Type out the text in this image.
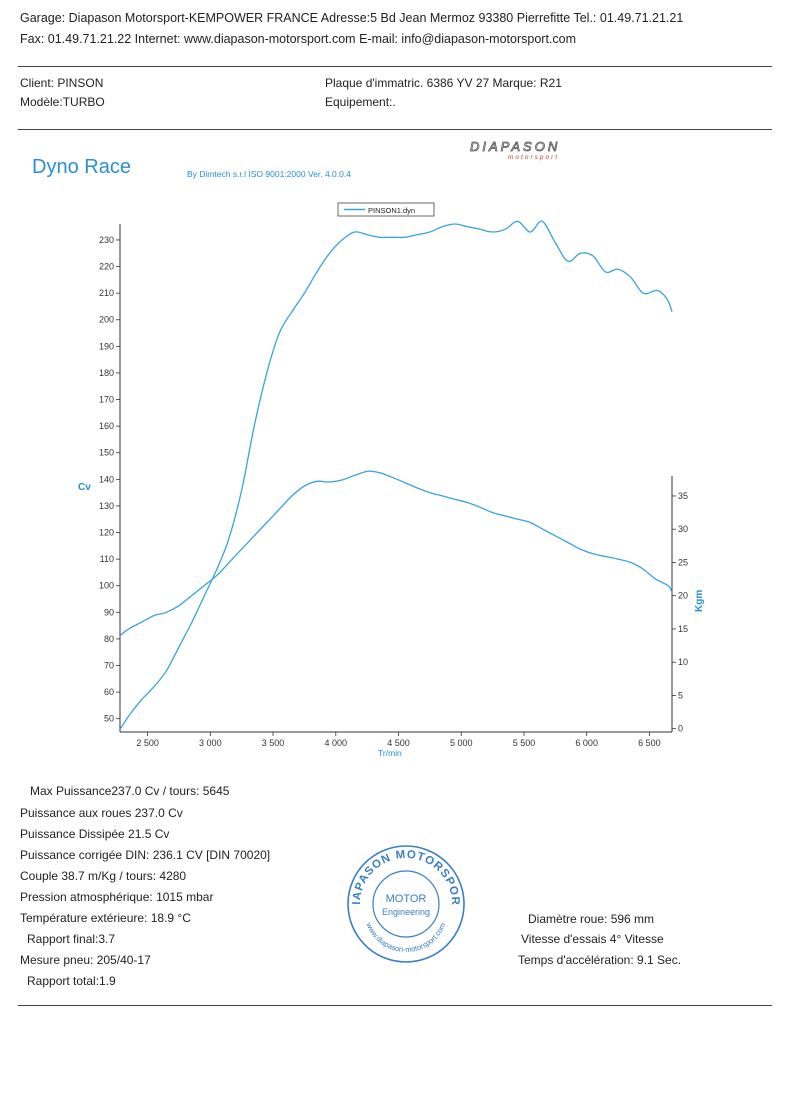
Garage: Diapason Motorsport-KEMPOWER FRANCE Adresse:5 Bd Jean Mermoz 93380 Pierrefitte Tel.: 01.49.71.21.21
Fax: 01.49.71.21.22 Internet: www.diapason-motorsport.com E-mail: info@diapason-motorsport.com
Client: PINSON
Modèle:TURBO
Plaque d'immatric. 6386 YV 27 Marque: R21
Equipement:.
DIAPASON
motorsport
Dyno Race	By Dimtech s.r.l ISO 9001:2000 Ver. 4.0.0.4
PINSON1.dyn
50
60
70
80
90
100
110
120
130
140
150
160
170
180
190
200
210
220
230
0
5
10
15
20
25
30
35
2 500	3 000	3 500	4 000	4 500	5 000	5 500	6 000	6 500
Cv
Kgm
Tr/min
Max Puissance237.0 Cv / tours: 5645
Puissance aux roues 237.0 Cv
Puissance Dissipée 21.5 Cv
Puissance corrigée DIN: 236.1 CV [DIN 70020]
Couple 38.7 m/Kg / tours: 4280
Pression atmosphérique: 1015 mbar
Température extérieure: 18.9 °C
Rapport final:3.7
Mesure pneu: 205/40-17
Rapport total:1.9
Diamètre roue: 596 mm
Vitesse d'essais 4° Vitesse
Temps d'accélération: 9.1 Sec.
IAPASON MOTORSPOR
www.diapason-motorsport.com
MOTOR
Engineering
